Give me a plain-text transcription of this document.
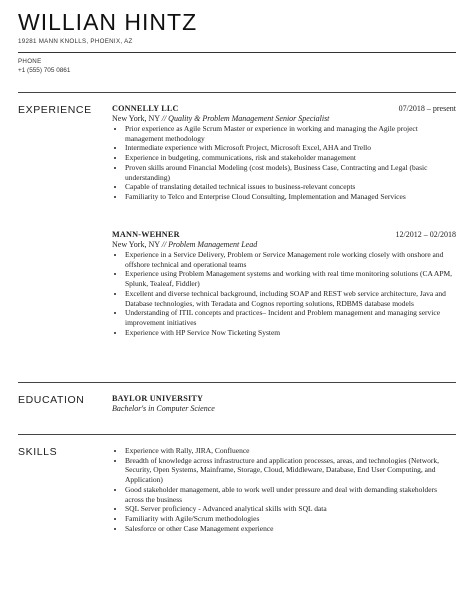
WILLIAN HINTZ
19281 MANN KNOLLS, PHOENIX, AZ
PHONE
+1 (555) 705 0861
EXPERIENCE CONNELLY LLC	07/2018 – present
New York, NY // Quality & Problem Management Senior Specialist
• Prior experience as Agile Scrum Master or experience in working and managing the Agile project management methodology
• Intermediate experience with Microsoft Project, Microsoft Excel, AHA and Trello
• Experience in budgeting, communications, risk and stakeholder management
• Proven skills around Financial Modeling (cost models), Business Case, Contracting and Legal (basic understanding)
• Capable of translating detailed technical issues to business-relevant concepts
• Familiarity to Telco and Enterprise Cloud Consulting, Implementation and Managed Services
MANN-WEHNER	12/2012 – 02/2018
New York, NY // Problem Management Lead
• Experience in a Service Delivery, Problem or Service Management role working closely with onshore and offshore technical and operational teams
• Experience using Problem Management systems and working with real time monitoring solutions (CA APM, Splunk, Tealeaf, Fiddler)
• Excellent and diverse technical background, including SOAP and REST web service architecture, Java and Database technologies, with Teradata and Cognos reporting solutions, RDBMS database models
• Understanding of ITIL concepts and practices– Incident and Problem management and managing service improvement initiatives
• Experience with HP Service Now Ticketing System
EDUCATION	BAYLOR UNIVERSITY
Bachelor's in Computer Science
SKILLS
•	Experience with Rally, JIRA, Confluence
• Breadth of knowledge across infrastructure and application processes, areas, and technologies (Network, Security, Open Systems, Mainframe, Storage, Cloud, Middleware, Database, End User Computing, and Application)
• Good stakeholder management, able to work well under pressure and deal with demanding stakeholders across the business
• SQL Server proficiency - Advanced analytical skills with SQL data
• Familiarity with Agile/Scrum methodologies
• Salesforce or other Case Management experience
